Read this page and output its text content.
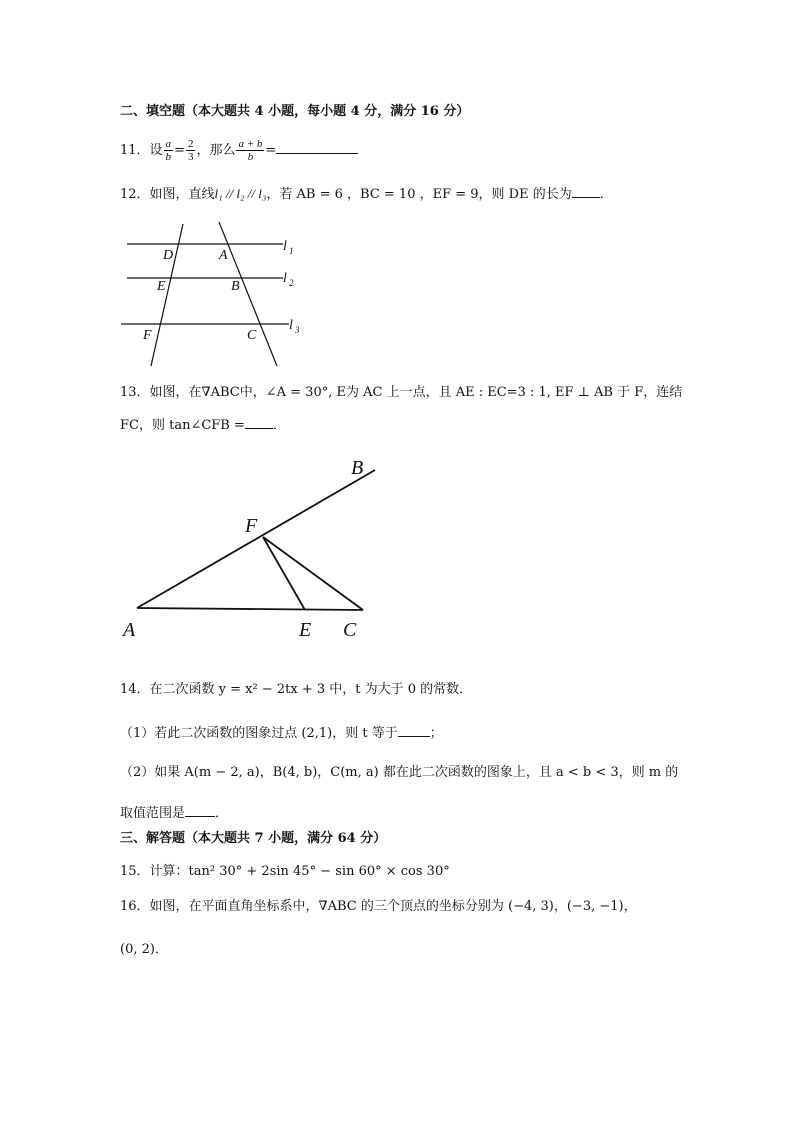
二、填空题（本大题共 4 小题，每小题 4 分，满分 16 分）
11．设 $\frac{a}{b} = \frac{2}{3}$ ，那么 $\frac{a + b}{b}$ =
12．如图，直线l₁ // l₂ // l₃，若 AB = 6 ，BC = 10 ，EF = 9，则 DE 的长为 ．
D	A
E	B
F	C
l 1
l 2
l 3
13．如图，在∇ABC中，∠A = 30°, E为 AC 上一点，且 AE : EC=3 : 1, EF ⊥ AB 于 F，连结
FC，则 tan∠CFB = ．
B
F
A	E C
14．在二次函数 y = x² − 2tx + 3 中，t 为大于 0 的常数．
（1）若此二次函数的图象过点 (2,1)，则 t 等于 ；
（2）如果 A(m − 2, a)，B(4, b)，C(m, a) 都在此二次函数的图象上，且 a < b < 3，则 m 的
取值范围是 ．
三、解答题（本大题共 7 小题，满分 64 分）
15．计算：tan² 30° + 2sin 45° − sin 60° × cos 30°
16．如图，在平面直角坐标系中，∇ABC 的三个顶点的坐标分别为 (−4, 3)，(−3, −1)，
(0, 2)．
